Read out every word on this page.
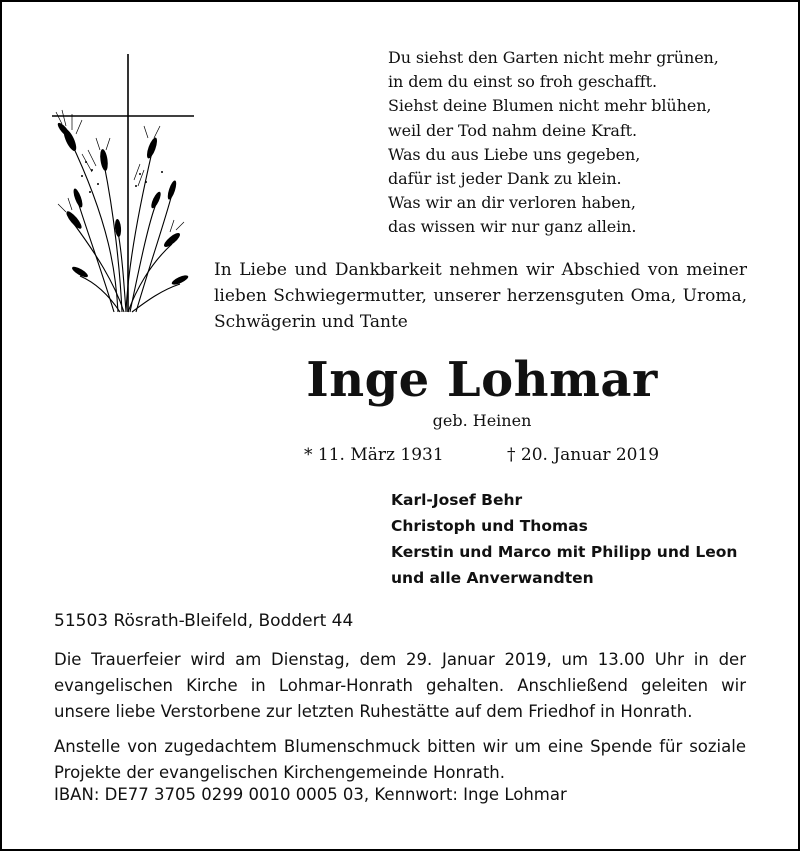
Du siehst den Garten nicht mehr grünen,
in dem du einst so froh geschafft.
Siehst deine Blumen nicht mehr blühen,
weil der Tod nahm deine Kraft.
Was du aus Liebe uns gegeben,
dafür ist jeder Dank zu klein.
Was wir an dir verloren haben,
das wissen wir nur ganz allein.
In Liebe und Dankbarkeit nehmen wir Abschied von meiner lieben Schwiegermutter, unserer herzensguten Oma, Uroma, Schwägerin und Tante
Inge Lohmar
geb. Heinen
* 11. März 1931	† 20. Januar 2019
Karl-Josef Behr
Christoph und Thomas
Kerstin und Marco mit Philipp und Leon
und alle Anverwandten
51503 Rösrath-Bleifeld, Boddert 44
Die Trauerfeier wird am Dienstag, dem 29. Januar 2019, um 13.00 Uhr in der evangelischen Kirche in Lohmar-Honrath gehalten. Anschließend geleiten wir unsere liebe Verstorbene zur letzten Ruhestätte auf dem Friedhof in Honrath.
Anstelle von zugedachtem Blumenschmuck bitten wir um eine Spende für soziale Projekte der evangelischen Kirchengemeinde Honrath.
IBAN: DE77 3705 0299 0010 0005 03, Kennwort: Inge Lohmar
